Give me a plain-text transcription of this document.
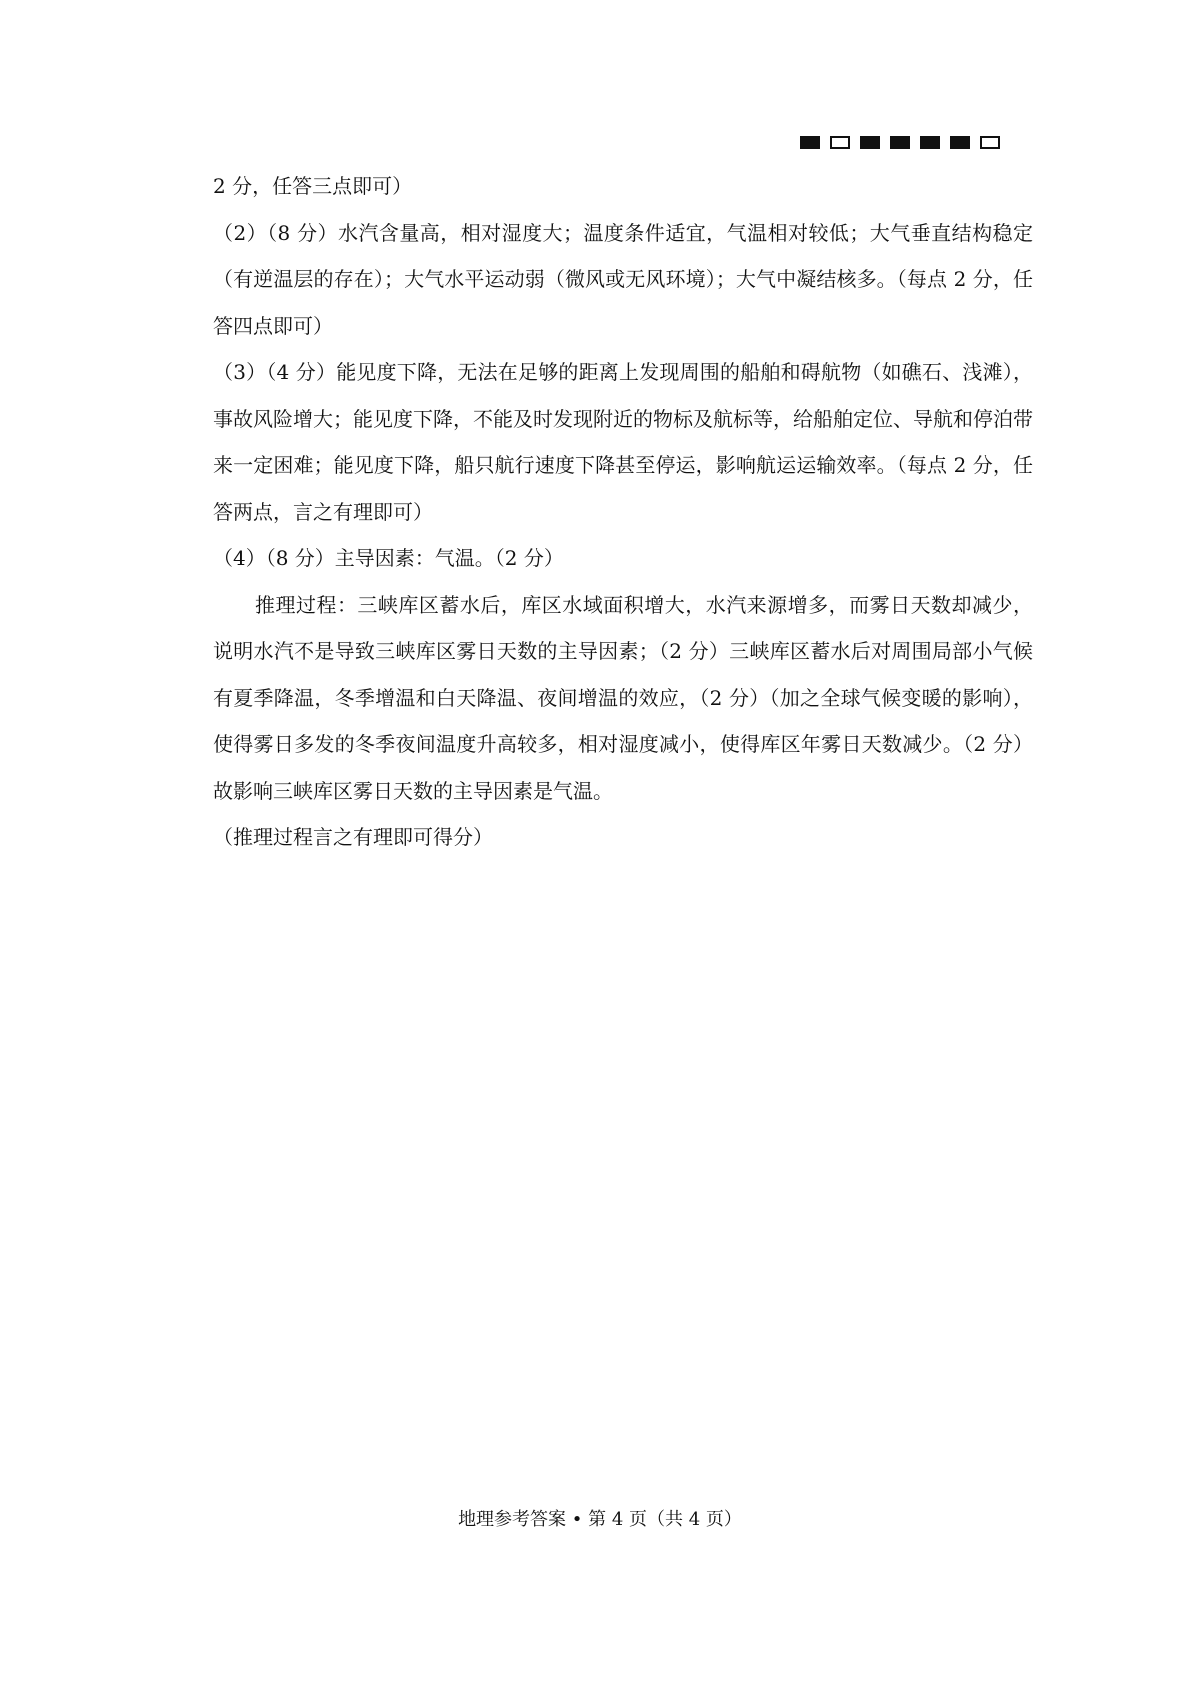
2 分，任答三点即可）

（2）（8 分）水汽含量高，相对湿度大；温度条件适宜，气温相对较低；大气垂直结构稳定（有逆温层的存在）；大气水平运动弱（微风或无风环境）；大气中凝结核多。（每点 2 分，任答四点即可）

（3）（4 分）能见度下降，无法在足够的距离上发现周围的船舶和碍航物（如礁石、浅滩），事故风险增大；能见度下降，不能及时发现附近的物标及航标等，给船舶定位、导航和停泊带来一定困难；能见度下降，船只航行速度下降甚至停运，影响航运运输效率。（每点 2 分，任答两点，言之有理即可）

（4）（8 分）主导因素：气温。（2 分）

推理过程：三峡库区蓄水后，库区水域面积增大，水汽来源增多，而雾日天数却减少，说明水汽不是导致三峡库区雾日天数的主导因素；（2 分）三峡库区蓄水后对周围局部小气候有夏季降温，冬季增温和白天降温、夜间增温的效应，（2 分）（加之全球气候变暖的影响），使得雾日多发的冬季夜间温度升高较多，相对湿度减小，使得库区年雾日天数减少。（2 分）故影响三峡库区雾日天数的主导因素是气温。

（推理过程言之有理即可得分）

地理参考答案 • 第 4 页（共 4 页）
